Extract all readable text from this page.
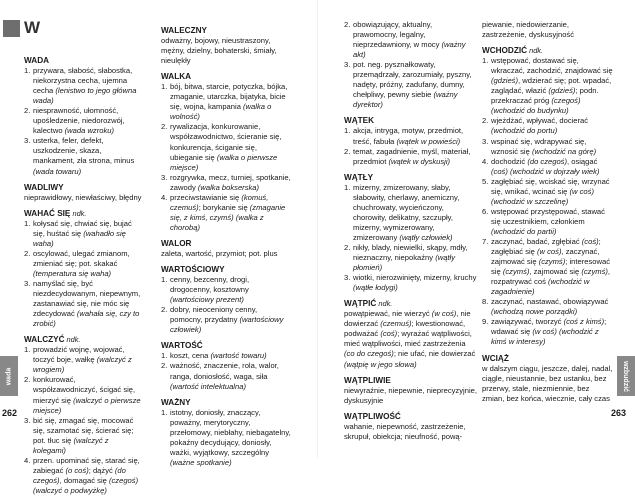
W
WADA
1. przywara, słabość, słabostka, niekorzystna cecha, ujemna cecha (lenistwo to jego główna wada)
2. niesprawność, ułomność, upośledzenie, niedorozwój, kalectwo (wada wzroku)
3. usterka, feler, defekt, uszkodzenie, skaza, mankament, zła strona, minus (wada towaru)
WADLIWY
nieprawidłowy, niewłaściwy, błędny
WAHAĆ SIĘ ndk.
1. kołysać się, chwiać się, bujać się, huśtać się (wahadło się waha)
2. oscylować, ulegać zmianom, zmieniać się; pot. skakać (temperatura się waha)
3. namyślać się, być niezdecydowanym, niepewnym, zastanawiać się, nie móc się zdecydować (wahała się, czy to zrobić)
WALCZYĆ ndk.
1. prowadzić wojnę, wojować, toczyć boje, wałkę (walczyć z wrogiem)
2. konkurować, współzawodniczyć, ścigać się, mierzyć się (walczyć o pierwsze miejsce)
3. bić się, zmagać się, mocować się, szamotać się, ścierać się; pot. tłuc się (walczyć z kolegami)
4. przen. upominać się, starać się, zabiegać (o coś); dążyć (do czegoś), domagać się (czegoś) (walczyć o podwyżkę)
WALECZNY
odważny, bojowy, nieustraszony, mężny, dzielny, bohaterski, śmiały, nieulękły
WALKA
1. bój, bitwa, starcie, potyczka, bójka, zmaganie, utarczka, bijatyka, bicie się, wojna, kampania (walka o wolność)
2. rywalizacja, konkurowanie, współzawodnictwo, ścieranie się, konkurencja, ściganie się, ubieganie się (walka o pierwsze miejsce)
3. rozgrywka, mecz, turniej, spotkanie, zawody (walka bokserska)
4. przeciwstawianie się (komuś, czemuś); borykanie się (zmaganie się, z kimś, czymś) (walka z chorobą)
WALOR
zaleta, wartość, przymiot; pot. plus
WARTOŚCIOWY
1. cenny, bezcenny, drogi, drogocenny, kosztowny (wartościowy prezent)
2. dobry, nieoceniony cenny, pomocny, przydatny (wartościowy człowiek)
WARTOŚĆ
1. koszt, cena (wartość towaru)
2. ważność, znaczenie, rola, walor, ranga, doniosłość, waga, siła (wartość intelektualna)
WAŻNY
1. istotny, doniosły, znaczący, poważny, merytoryczny, przełomowy, niebłahy, niebagatelny, pokaźny decydujący, doniosły, ważki, wyjątkowy, szczególny (ważne spotkanie)
2. obowiązujący, aktualny, prawomocny, legalny, nieprzedawniony, w mocy (ważny akt)
3. pot. neg. pysznałkowaty, przemądrzały, zarozumiały, pyszny, nadęty, próżny, zadufany, dumny, chełpliwy, pewny siebie (ważny dyrektor)
WĄTEK
1. akcja, intryga, motyw, przedmiot, treść, fabuła (wątek w powieści)
2. temat, zagadnienie, myśl, materiał, przedmiot (wątek w dyskusji)
WĄTŁY
1. mizerny, zmizerowany, słaby, słabowity, cherlawy, anemiczny, chuchrowaty, wycieńczony, chorowity, delikatny, szczupły, mizerny, wymizerowany, zmizerowany (wątły człowiek)
2. nikły, blady, niewielki, skąpy, mdły, nieznaczny, niepokaźny (wątły płomień)
3. wiotki, nierozwinięty, mizerny, kruchy (wątłe łodygi)
WĄTPIĆ ndk.
powątpiewać, nie wierzyć (w coś), nie dowierzać (czemuś); kwestionować, podważać (coś); wyrażać wątpliwości, mieć wątpliwości, mieć zastrzeżenia (co do czegoś); nie ufać, nie dowierzać (wątpię w jego słowa)
WĄTPLIWIE
niewyraźnie, niepewnie, nieprecyzyjnie, dyskusyjnie
WĄTPLIWOŚĆ
wahanie, niepewność, zastrzeżenie, skrupuł, obiekcja; nieufność, pową-
piewanie, niedowierzanie, zastrzeżenie, dyskusyjność
WCHODZIĆ ndk.
1. wstępować, dostawać się, wkraczać, zachodzić, znajdować się (gdzieś), wdzierać się; pot. wpadać, zaglądać, włazić (gdzieś); podn. przekraczać próg (czegoś) (wchodzić do budynku)
2. wjeżdżać, wpływać, docierać (wchodzić do portu)
3. wspinać się, wdrapywać się, wznosić się (wchodzić na górę)
4. dochodzić (do czegoś), osiągać (coś) (wchodzić w dojrzały wiek)
5. zagłębiać się, wciskać się, wrzynać się, wnikać, wcinać się (w coś) (wchodzić w szczelinę)
6. wstępować przystępować, stawać się uczestnikiem, członkiem (wchodzić do partii)
7. zaczynać, badać, zgłębiać (coś); zagłębiać się (w coś), zaczynać, zajmować się (czymś); interesować się (czymś), zajmować się (czymś), rozpatrywać coś (wchodzić w zagadnienie)
8. zaczynać, nastawać, obowiązywać (wchodzą nowe porządki)
9. zawiązywać, tworzyć (coś z kimś); wdawać się (w coś) (wchodzić z kimś w interesy)
WCIĄŻ
w dalszym ciągu, jeszcze, dalej, nadal, ciągle, nieustannie, bez ustanku, bez przerwy, stale, niezmiennie, bez zmian, bez końca, wiecznie, cały czas
wada	wzbudzić
262	263
